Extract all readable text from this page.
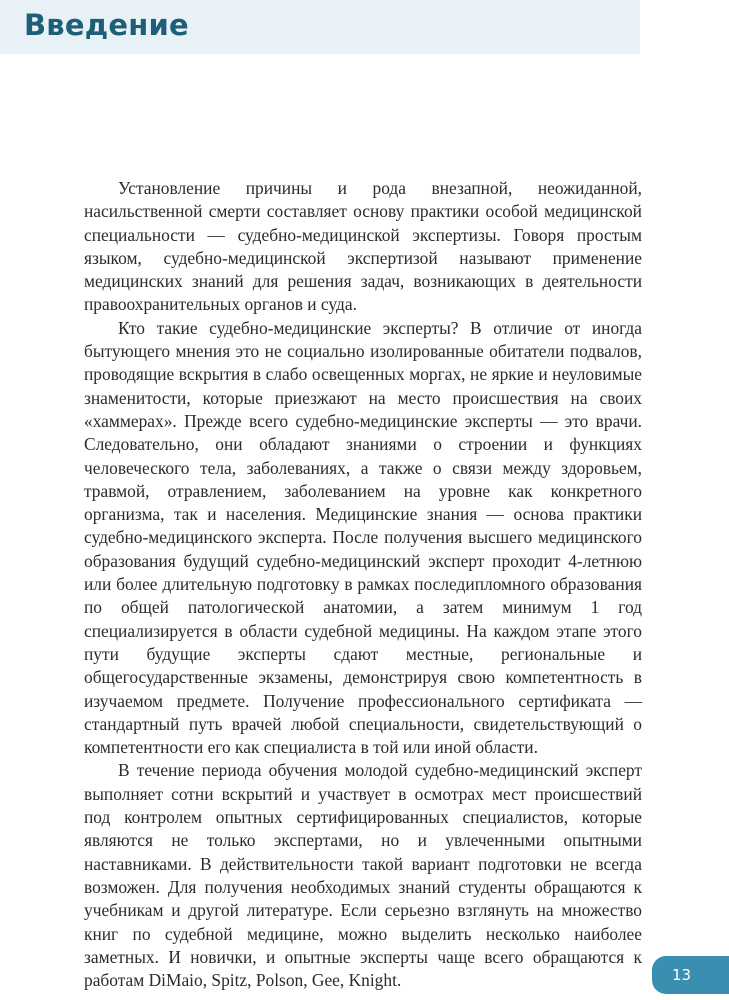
Введение

Установление причины и рода внезапной, неожиданной, насильственной смерти составляет основу практики особой медицинской специальности — судебно-медицинской экспертизы. Говоря простым языком, судебно-медицинской экспертизой называют применение медицинских знаний для решения задач, возникающих в деятельности правоохранительных органов и суда.

Кто такие судебно-медицинские эксперты? В отличие от иногда бытующего мнения это не социально изолированные обитатели подвалов, проводящие вскрытия в слабо освещенных моргах, не яркие и неуловимые знаменитости, которые приезжают на место происшествия на своих «хаммерах». Прежде всего судебно-медицинские эксперты — это врачи. Следовательно, они обладают знаниями о строении и функциях человеческого тела, заболеваниях, а также о связи между здоровьем, травмой, отравлением, заболеванием на уровне как конкретного организма, так и населения. Медицинские знания — основа практики судебно-медицинского эксперта. После получения высшего медицинского образования будущий судебно-медицинский эксперт проходит 4-летнюю или более длительную подготовку в рамках последипломного образования по общей патологической анатомии, а затем минимум 1 год специализируется в области судебной медицины. На каждом этапе этого пути будущие эксперты сдают местные, региональные и общегосударственные экзамены, демонстрируя свою компетентность в изучаемом предмете. Получение профессионального сертификата — стандартный путь врачей любой специальности, свидетельствующий о компетентности его как специалиста в той или иной области.

В течение периода обучения молодой судебно-медицинский эксперт выполняет сотни вскрытий и участвует в осмотрах мест происшествий под контролем опытных сертифицированных специалистов, которые являются не только экспертами, но и увлеченными опытными наставниками. В действительности такой вариант подготовки не всегда возможен. Для получения необходимых знаний студенты обращаются к учебникам и другой литературе. Если серьезно взглянуть на множество книг по судебной медицине, можно выделить несколько наиболее заметных. И новички, и опытные эксперты чаще всего обращаются к работам DiMaio, Spitz, Polson, Gee, Knight.	13
